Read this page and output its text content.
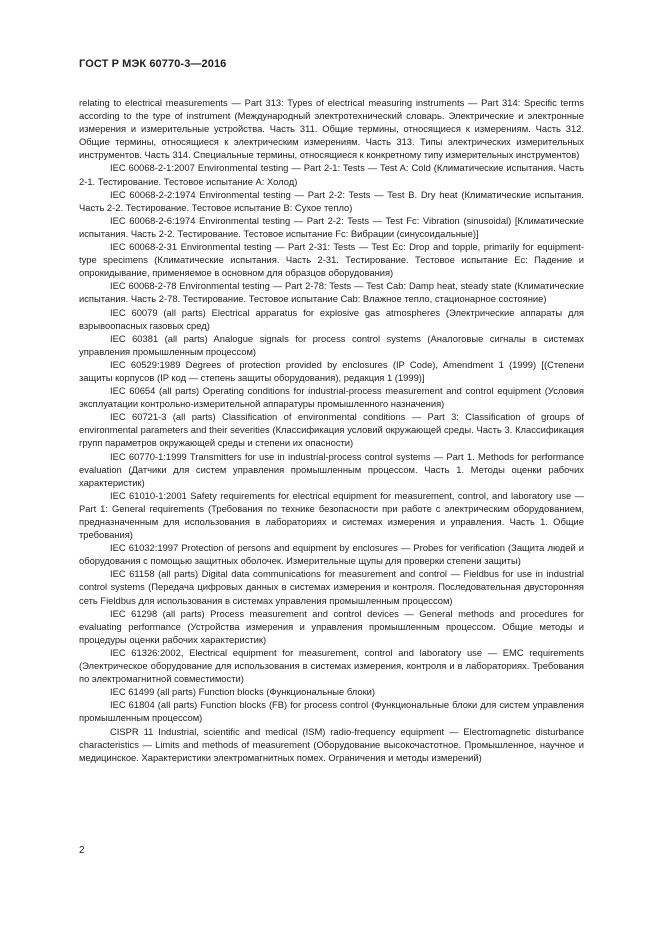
ГОСТ Р МЭК 60770-3—2016

relating to electrical measurements — Part 313: Types of electrical measuring instruments — Part 314: Specific terms according to the type of instrument (Международный электротехнический словарь. Электрические и электронные измерения и измерительные устройства. Часть 311. Общие термины, относящиеся к измерениям. Часть 312. Общие термины, относящиеся к электрическим измерениям. Часть 313. Типы электрических измерительных инструментов. Часть 314. Специальные термины, относящиеся к конкретному типу измерительных инструментов)

IEC 60068-2-1:2007 Environmental testing — Part 2-1: Tests — Test A: Cold (Климатические испытания. Часть 2-1. Тестирование. Тестовое испытание А: Холод)

IEC 60068-2-2:1974 Environmental testing — Part 2-2: Tests — Test B. Dry heat (Климатические испытания. Часть 2-2. Тестирование. Тестовое испытание В: Сухое тепло)

IEC 60068-2-6:1974 Environmental testing — Part 2-2: Tests — Test Fc: Vibration (sinusoidal) [Климатические испытания. Часть 2-2. Тестирование. Тестовое испытание Fc: Вибрации (синусоидальные)]

IEC 60068-2-31 Environmental testing — Part 2-31: Tests — Test Ec: Drop and topple, primarily for equipment-type specimens (Климатические испытания. Часть 2-31. Тестирование. Тестовое испытание Ес: Падение и опрокидывание, применяемое в основном для образцов оборудования)

IEC 60068-2-78 Environmental testing — Part 2-78: Tests — Test Cab: Damp heat, steady state (Климатические испытания. Часть 2-78. Тестирование. Тестовое испытание Cab: Влажное тепло, стационарное состояние)

IEC 60079 (all parts) Electrical apparatus for explosive gas atmospheres (Электрические аппараты для взрывоопасных газовых сред)

IEC 60381 (all parts) Analogue signals for process control systems (Аналоговые сигналы в системах управления промышленным процессом)

IEC 60529:1989 Degrees of protection provided by enclosures (IP Code), Amendment 1 (1999) [(Степени защиты корпусов (IP код — степень защиты оборудования), редакция 1 (1999)]

IEC 60654 (all parts) Operating conditions for industrial-process measurement and control equipment (Условия эксплуатации контрольно-измерительной аппаратуры промышленного назначения)

IEC 60721-3 (all parts) Classification of environmental conditions — Part 3: Classification of groups of environmental parameters and their severities (Классификация условий окружающей среды. Часть 3. Классификация групп параметров окружающей среды и степени их опасности)

IEC 60770-1:1999 Transmitters for use in industrial-process control systems — Part 1. Methods for performance evaluation (Датчики для систем управления промышленным процессом. Часть 1. Методы оценки рабочих характеристик)

IEC 61010-1:2001 Safety requirements for electrical equipment for measurement, control, and laboratory use — Part 1: General requirements (Требования по технике безопасности при работе с электрическим оборудованием, предназначенным для использования в лабораториях и системах измерения и управления. Часть 1. Общие требования)

IEC 61032:1997 Protection of persons and equipment by enclosures — Probes for verification (Защита людей и оборудования с помощью защитных оболочек. Измерительные щупы для проверки степени защиты)

IEC 61158 (all parts) Digital data communications for measurement and control — Fieldbus for use in industrial control systems (Передача цифровых данных в системах измерения и контроля. Последовательная двусторонняя сеть Fieldbus для использования в системах управления промышленным процессом)

IEC 61298 (all parts) Process measurement and control devices — General methods and procedures for evaluating performance (Устройства измерения и управления промышленным процессом. Общие методы и процедуры оценки рабочих характеристик)

IEC 61326:2002, Electrical equipment for measurement, control and laboratory use — EMC requirements (Электрическое оборудование для использования в системах измерения, контроля и в лабораториях. Требования по электромагнитной совместимости)

IEC 61499 (all parts) Function blocks (Функциональные блоки)

IEC 61804 (all parts) Function blocks (FB) for process control (Функциональные блоки для систем управления промышленным процессом)

CISPR 11 Industrial, scientific and medical (ISM) radio-frequency equipment — Electromagnetic disturbance characteristics — Limits and methods of measurement (Оборудование высокочастотное. Промышленное, научное и медицинское. Характеристики электромагнитных помех. Ограничения и методы измерений)

2
